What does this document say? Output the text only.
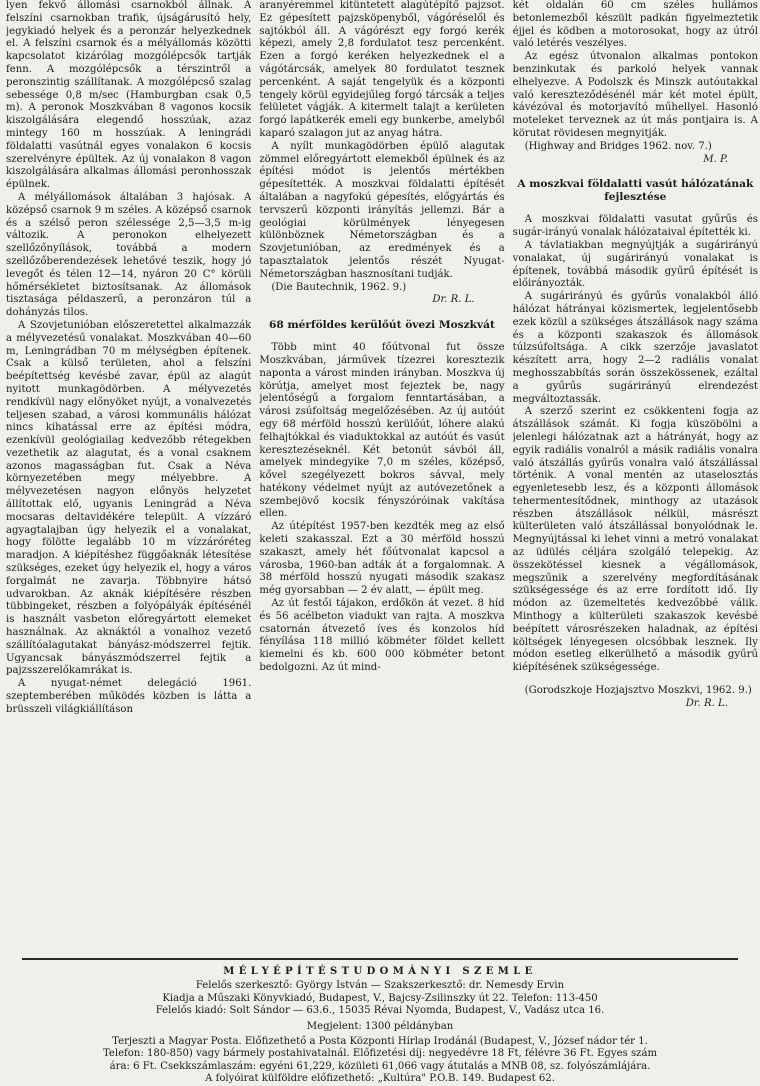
lyen fekvő állomási csarnokból állnak. A felszíni csarnokban trafik, újságárusító hely, jegykiadó helyek és a peronzár helyezkednek el. A felszíni csarnok és a mélyállomás közötti kapcsolatot kizárólag mozgólépcsők tartják fenn. A mozgólépcsők a térszintről a peronszintig szállítanak. A mozgólépcső szalag sebessége 0,8 m/sec (Hamburgban csak 0,5 m). A peronok Moszkvában 8 vagonos kocsik kiszolgálására elegendő hosszúak, azaz mintegy 160 m hosszúak. A leningrádi földalatti vasútnál egyes vonalakon 6 kocsis szerelvényre épültek. Az új vonalakon 8 vagon kiszolgálására alkalmas állomási peronhosszak épülnek.

A mélyállomások általában 3 hajósak. A középső csarnok 9 m széles. A középső csarnok és a szélső peron szélessége 2,5—3,5 m-ig változik. A peronokon elhelyezett szellőzőnyílások, továbbá a modern szellőzőberendezések lehetővé teszik, hogy jó levegőt és télen 12—14, nyáron 20 C° körüli hőmérsékletet biztosítsanak. Az állomások tisztasága példaszerű, a peronzáron túl a dohányzás tilos.

A Szovjetunióban előszeretettel alkalmazzák a mélyvezetésű vonalakat. Moszkvában 40—60 m, Leningrádban 70 m mélységben építenek. Csak a külső területen, ahol a felszíni beépítettség kevésbé zavar, épül az alagút nyitott munkagödörben. A mélyvezetés rendkívül nagy előnyöket nyújt, a vonalvezetés teljesen szabad, a városi kommunális hálózat nincs kihatással erre az építési módra, ezenkívül geológiailag kedvezőbb rétegekben vezethetik az alagutat, és a vonal csaknem azonos magasságban fut. Csak a Néva környezetében megy mélyebbre. A mélyvezetésen nagyon előnyös helyzetet állítottak elő, ugyanis Leningrád a Néva mocsaras deltavidékére települt. A vízzáró agyagtalajban úgy helyezik el a vonalakat, hogy fölötte legalább 10 m vízzáróréteg maradjon. A kiépítéshez függőaknák létesítése szükséges, ezeket úgy helyezik el, hogy a város forgalmát ne zavarja. Többnyire hátsó udvarokban. Az aknák kiépítésére részben tübbingeket, részben a folyópályák építésénél is használt vasbeton előregyártott elemeket használnak. Az aknáktól a vonalhoz vezető szállítóalagutakat bányász-módszerrel fejtik. Ugyancsak bányászmódszerrel fejtik a pajzsszerelőkamrákat is.

A nyugat-német delegáció 1961. szeptemberében működés közben is látta a brüsszeli világkiállításon

aranyéremmel kitüntetett alagútépítő pajzsot. Ez gépesített pajzsköpenyből, vágóréselől és sajtókból áll. A vágórészt egy forgó kerék képezi, amely 2,8 fordulatot tesz percenként. Ezen a forgó keréken helyezkednek el a vágótárcsák, amelyek 80 fordulatot tesznek percenként. A saját tengelyük és a központi tengely körül egyidejűleg forgó tárcsák a teljes felületet vágják. A kitermelt talajt a kerületen forgó lapátkerék emeli egy bunkerbe, amelyből kaparó szalagon jut az anyag hátra.

A nyílt munkagödörben épülő alagutak zömmel előregyártott elemekből épülnek és az építési módot is jelentős mértékben gépesítették. A moszkvai földalatti építését általában a nagyfokú gépesítés, előgyártás és tervszerű központi irányítás jellemzi. Bár a geológiai körülmények lényegesen különböznek Németországban és a Szovjetunióban, az eredmények és a tapasztalatok jelentős részét Nyugat-Németországban hasznosítani tudják.

(Die Bautechnik, 1962. 9.)
Dr. R. L.
68 mérföldes kerülőút övezi Moszkvát

Több mint 40 főútvonal fut össze Moszkvában, járművek tízezrei koresztezik naponta a várost minden irányban. Moszkva új körútja, amelyet most fejeztek be, nagy jelentőségű a forgalom fenntartásában, a városi zsúfoltság megelőzésében. Az új autóút egy 68 mérföld hosszú kerülőút, lóhere alakú felhajtókkal és viaduktokkal az autóút és vasút keresztezéseknél. Két betonút sávból áll, amelyek mindegyike 7,0 m széles, középső, kővel szegélyezett bokros sávval, mely hatékony védelmet nyújt az autóvezetőnek a szembejövő kocsik fényszóróinak vakítása ellen.

Az útépítést 1957-ben kezdték meg az első keleti szakasszal. Ezt a 30 mérföld hosszú szakaszt, amely hét főútvonalat kapcsol a városba, 1960-ban adták át a forgalomnak. A 38 mérföld hosszú nyugati második szakasz még gyorsabban — 2 év alatt, — épült meg.

Az út festői tájakon, erdőkön át vezet. 8 híd és 56 acélbeton viadukt van rajta. A moszkva csatornán átvezető íves és konzolos híd fényílása 118 millió köbméter földet kellett kiemelni és kb. 600 000 köbméter betont bedolgozni. Az út mind-

két oldalán 60 cm széles hullámos betonlemezből készült padkán figyelmeztetik éjjel és ködben a motorosokat, hogy az útról való letérés veszélyes.

Az egész útvonalon alkalmas pontokon benzinkutak és parkoló helyek vannak elhelyezve. A Podolszk és Minszk autóutakkal való kereszteződésénél már két motel épült, kávézóval és motorjavító műhellyel. Hasonló moteleket terveznek az út más pontjaira is. A körutat rövidesen megnyitják.

(Highway and Bridges 1962. nov. 7.)
M. P.
A moszkvai földalatti vasút hálózatának fejlesztése

A moszkvai földalatti vasutat gyűrűs és sugár-irányú vonalak hálózataival építették ki.

A távlatiakban megnyújtják a sugárirányú vonalakat, új sugárirányú vonalakat is építenek, továbbá második gyűrű építését is előirányozták.

A sugárirányú és gyűrűs vonalakból álló hálózat hátrányai közismertek, legjelentősebb ezek közül a szükséges átszállások nagy száma és a központi szakaszok és állomások túlzsúfoltsága. A cikk szerzője javaslatot készített arra, hogy 2—2 radiális vonalat meghosszabbítás során összekössenek, ezáltal a gyűrűs sugárirányú elrendezést megváltoztassák.

A szerző szerint ez csökkenteni fogja az átszállások számát. Ki fogja küszöbölni a jelenlegi hálózatnak azt a hátrányát, hogy az egyik radiális vonalról a másik radiális vonalra való átszállás gyűrűs vonalra való átszállással történik. A vonal mentén az utaselosztás egyenletesebb lesz, és a központi állomások tehermentesítődnek, minthogy az utazások részben átszállások nélkül, másrészt külterületen való átszállással bonyolódnak le. Megnyújtással ki lehet vinni a metró vonalakat az üdülés céljára szolgáló telepekig. Az összekötéssel kiesnek a végállomások, megszűnik a szerelvény megfordításának szükségessége és az erre fordított idő. Ily módon az üzemeltetés kedvezőbbé válik. Minthogy a külterületi szakaszok kevésbé beépített városrészeken haladnak, az építési költségek lényegesen olcsóbbak lesznek. Ily módon esetleg elkerülhető a második gyűrű kiépítésének szükségessége.

(Gorodszkoje Hozjajsztvo Moszkvi, 1962. 9.)
Dr. R. L.
MÉLYÉPÍTÉSTUDOMÁNYI SZEMLE
Felelős szerkesztő: Györgу István — Szakszerkesztő: dr. Nemesdy Ervin
Kiadja a Műszaki Könyvkiadó, Budapest, V., Bajcsy-Zsilinszky út 22. Telefon: 113-450
Felelős kiadó: Solt Sándor — 63.6., 15035 Révai Nyomda, Budapest, V., Vadász utca 16.
Megjelent: 1300 példányban
Terjeszti a Magyar Posta. Előfizethető a Posta Központi Hírlap Irodánál (Budapest, V., József nádor tér 1.
Telefon: 180-850) vagy bármely postahivatalnál. Előfizetési díj: negyedévre 18 Ft, félévre 36 Ft. Egyes szám
ára: 6 Ft. Csekkszámlaszám: egyéni 61,229, közületi 61,066 vagy átutalás a MNB 08, sz. folyószámlájára.
A folyóirat külföldre előfizethető: „Kultúra" P.O.B. 149. Budapest 62.
